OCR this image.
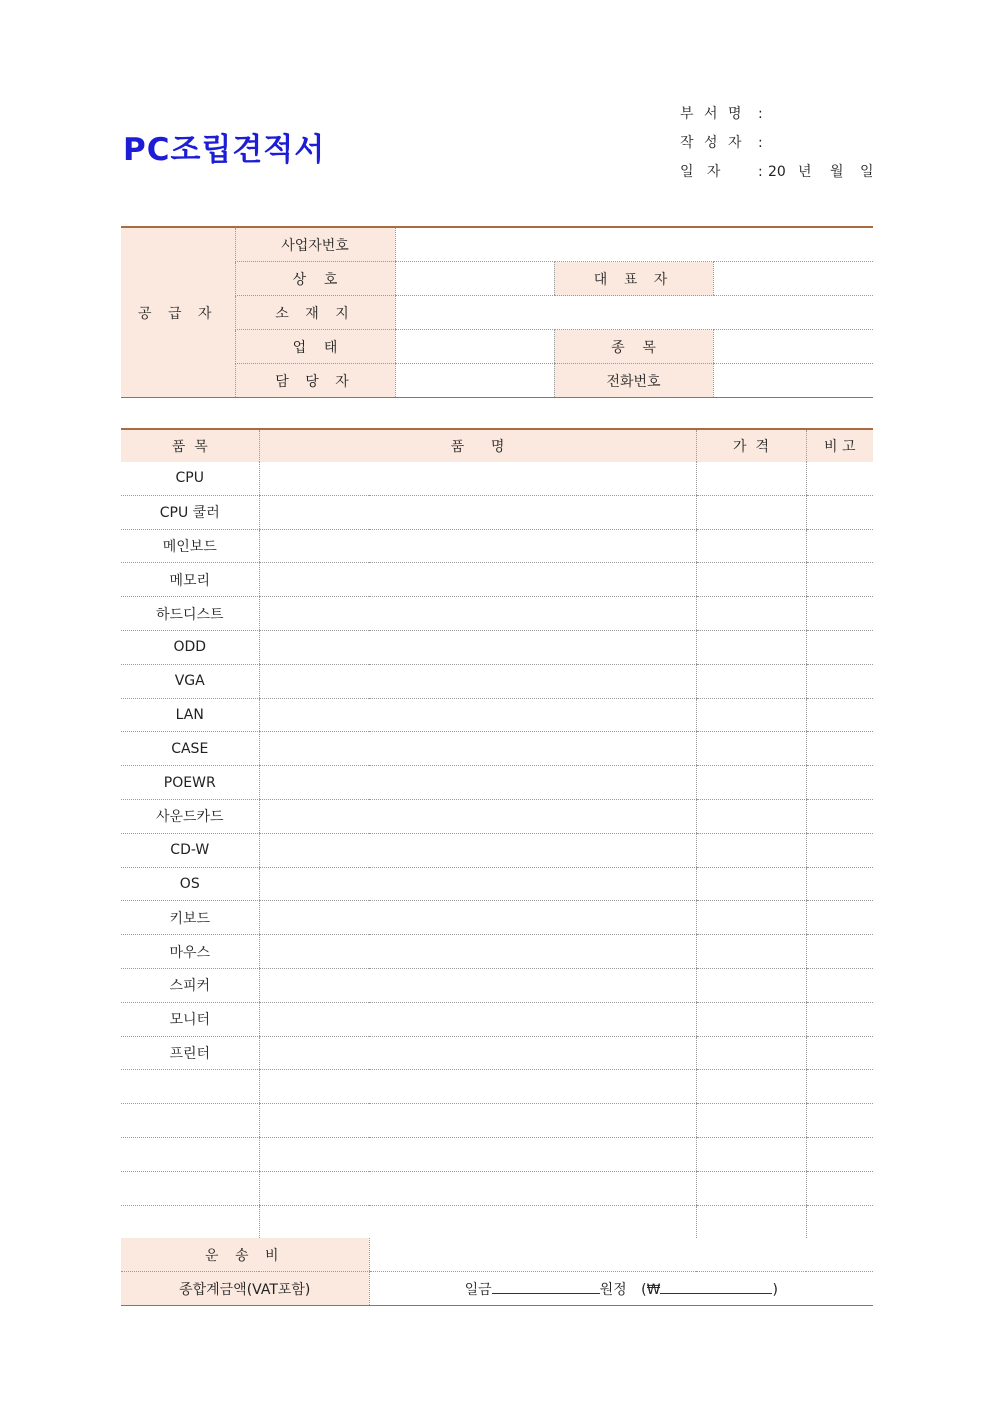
PC조립견적서
부 서 명 :
작 성 자 :
일   자	: 20 년	월	일
공 급 자	사업자번호			
	상    호		대 표 자	
	소 재 지			
	업    태		종    목	
	담 당 자		전화번호	
품  목	품      명		가  격	비 고
CPU				
CPU 쿨러				
메인보드				
메모리				
하드디스트				
ODD				
VGA				
LAN				
CASE				
POEWR				
사운드카드				
CD-W				
OS				
키보드				
마우스				
스피커				
모니터				
프린터				

운 송 비				
종합계금액(VAT포함)		일금 원정 (₩ )		
